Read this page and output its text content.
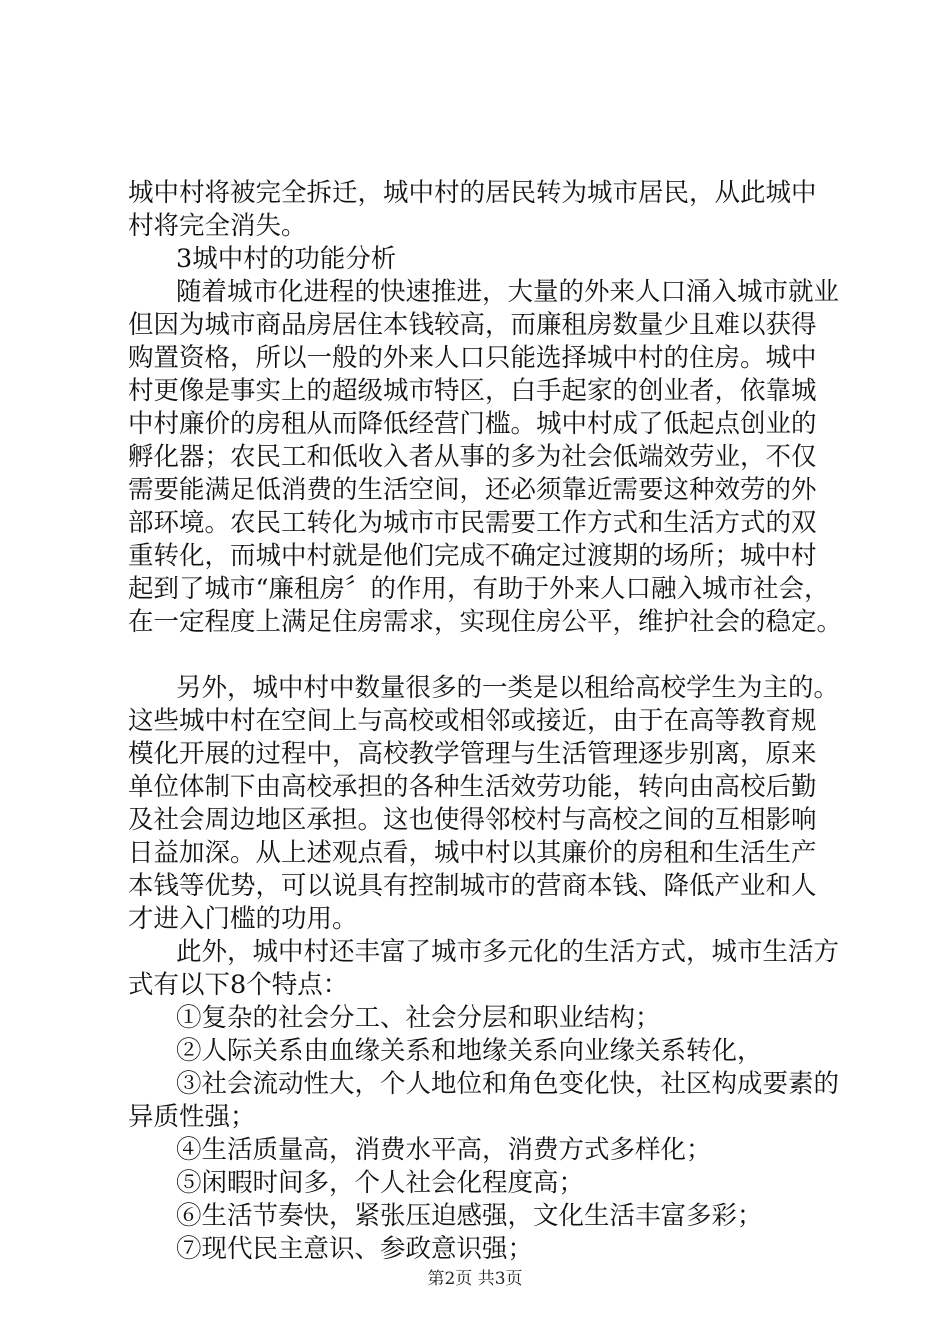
城中村将被完全拆迁，城中村的居民转为城市居民，从此城中
村将完全消失。
3城中村的功能分析
随着城市化进程的快速推进，大量的外来人口涌入城市就业
但因为城市商品房居住本钱较高，而廉租房数量少且难以获得
购置资格，所以一般的外来人口只能选择城中村的住房。城中
村更像是事实上的超级城市特区，白手起家的创业者，依靠城
中村廉价的房租从而降低经营门槛。城中村成了低起点创业的
孵化器；农民工和低收入者从事的多为社会低端效劳业，不仅
需要能满足低消费的生活空间，还必须靠近需要这种效劳的外
部环境。农民工转化为城市市民需要工作方式和生活方式的双
重转化，而城中村就是他们完成不确定过渡期的场所；城中村
起到了城市“廉租房〞的作用，有助于外来人口融入城市社会，
在一定程度上满足住房需求，实现住房公平，维护社会的稳定。
另外，城中村中数量很多的一类是以租给高校学生为主的。
这些城中村在空间上与高校或相邻或接近，由于在高等教育规
模化开展的过程中，高校教学管理与生活管理逐步别离，原来
单位体制下由高校承担的各种生活效劳功能，转向由高校后勤
及社会周边地区承担。这也使得邻校村与高校之间的互相影响
日益加深。从上述观点看，城中村以其廉价的房租和生活生产
本钱等优势，可以说具有控制城市的营商本钱、降低产业和人
才进入门槛的功用。
此外，城中村还丰富了城市多元化的生活方式，城市生活方
式有以下8个特点：
①复杂的社会分工、社会分层和职业结构；
②人际关系由血缘关系和地缘关系向业缘关系转化，
③社会流动性大，个人地位和角色变化快，社区构成要素的
异质性强；
④生活质量高，消费水平高，消费方式多样化；
⑤闲暇时间多，个人社会化程度高；
⑥生活节奏快，紧张压迫感强，文化生活丰富多彩；
⑦现代民主意识、参政意识强；
第2页 共3页
